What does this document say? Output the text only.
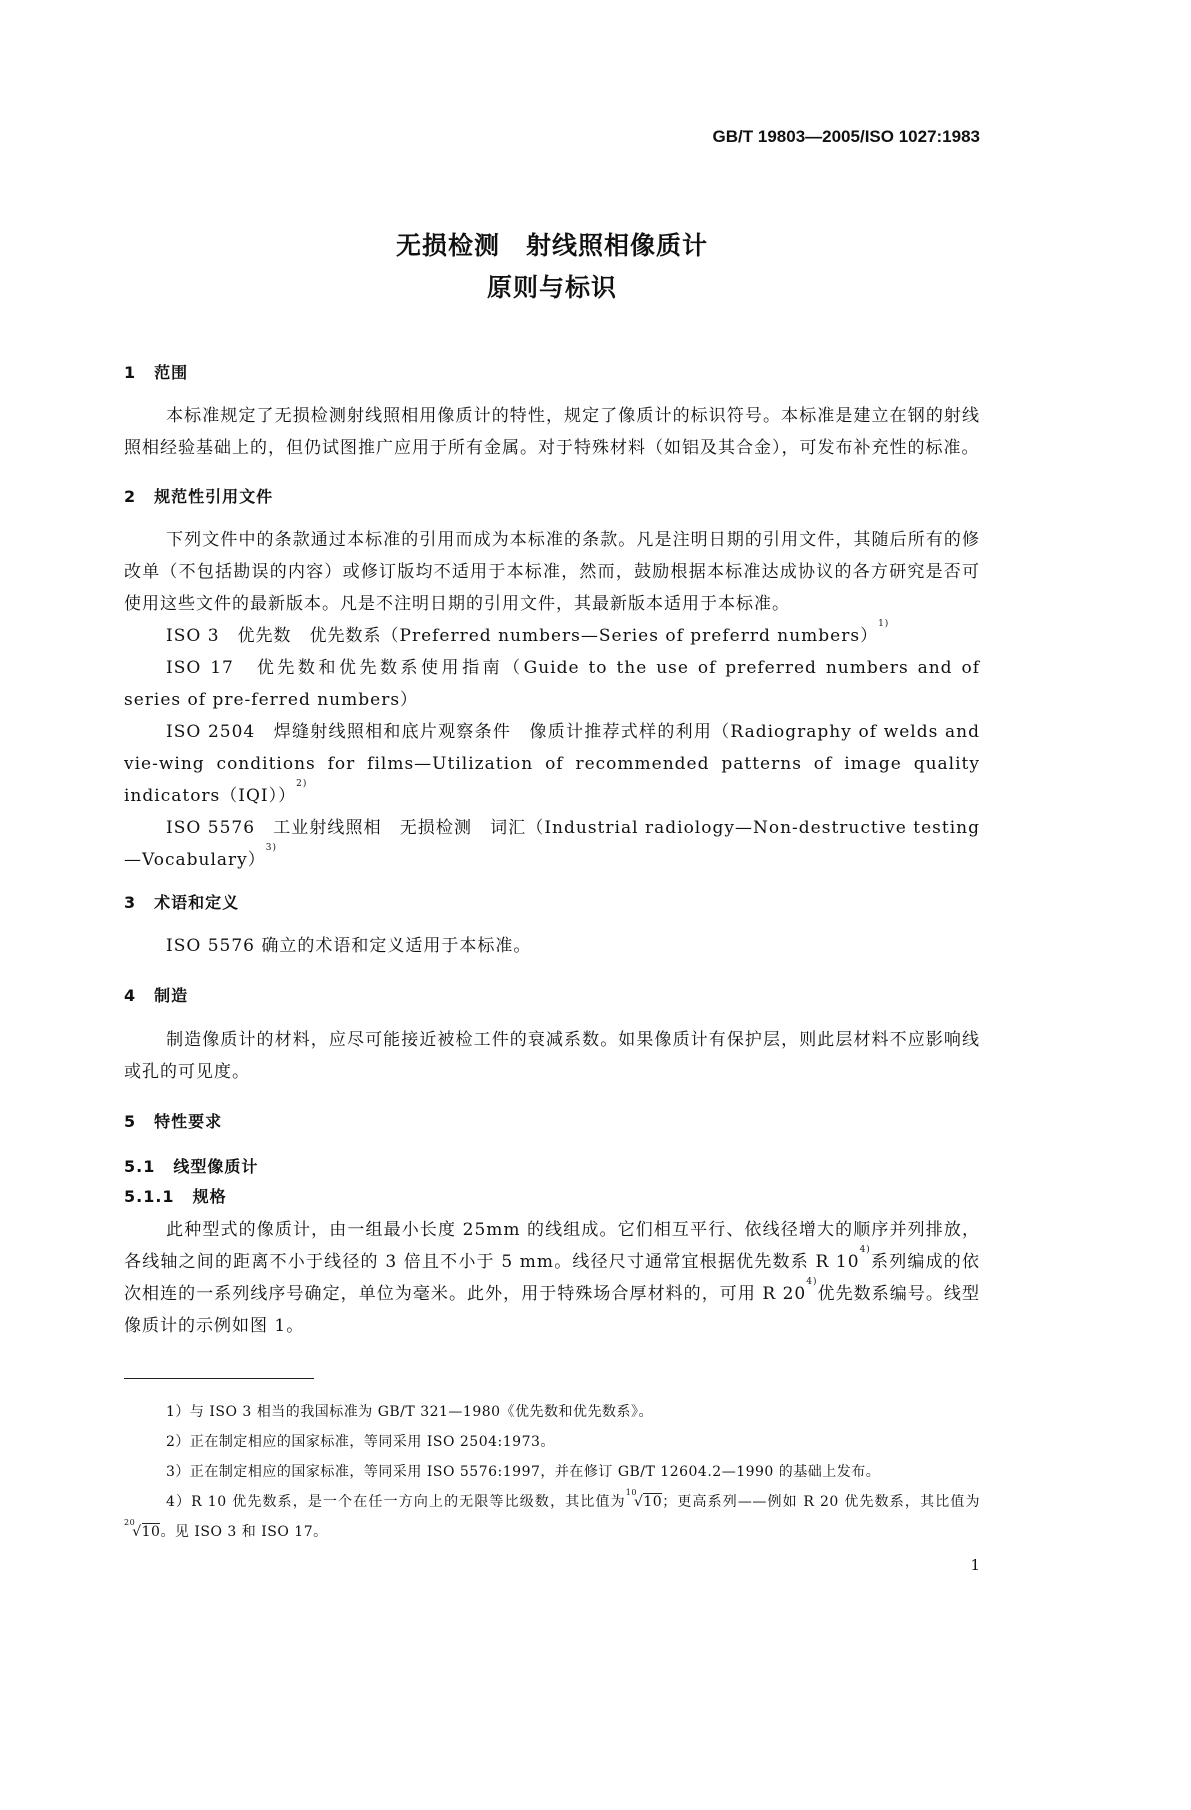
GB/T 19803—2005/ISO 1027:1983
无损检测　射线照相像质计
原则与标识
1 范围
本标准规定了无损检测射线照相用像质计的特性，规定了像质计的标识符号。本标准是建立在钢的射线照相经验基础上的，但仍试图推广应用于所有金属。对于特殊材料（如铝及其合金），可发布补充性的标准。
2 规范性引用文件
下列文件中的条款通过本标准的引用而成为本标准的条款。凡是注明日期的引用文件，其随后所有的修改单（不包括勘误的内容）或修订版均不适用于本标准，然而，鼓励根据本标准达成协议的各方研究是否可使用这些文件的最新版本。凡是不注明日期的引用文件，其最新版本适用于本标准。
ISO 3　优先数　优先数系（Preferred numbers—Series of preferrd numbers）$^{1)}$
ISO 17　优先数和优先数系使用指南（Guide to the use of preferred numbers and of series of pre-ferred numbers）
ISO 2504　焊缝射线照相和底片观察条件　像质计推荐式样的利用（Radiography of welds and vie-wing conditions for films—Utilization of recommended patterns of image quality indicators（IQI））$^{2)}$
ISO 5576　工业射线照相　无损检测　词汇（Industrial radiology—Non-destructive testing—Vocabulary）$^{3)}$
3 术语和定义
ISO 5576 确立的术语和定义适用于本标准。
4 制造
制造像质计的材料，应尽可能接近被检工件的衰减系数。如果像质计有保护层，则此层材料不应影响线或孔的可见度。
5 特性要求
5.1 线型像质计
5.1.1 规格
此种型式的像质计，由一组最小长度 25mm 的线组成。它们相互平行、依线径增大的顺序并列排放，各线轴之间的距离不小于线径的 3 倍且不小于 5 mm。线径尺寸通常宜根据优先数系 R 10$^{4)}$系列编成的依次相连的一系列线序号确定，单位为毫米。此外，用于特殊场合厚材料的，可用 R 20$^{4)}$优先数系编号。线型像质计的示例如图 1。
1）与 ISO 3 相当的我国标准为 GB/T 321—1980《优先数和优先数系》。
2）正在制定相应的国家标准，等同采用 ISO 2504:1973。
3）正在制定相应的国家标准，等同采用 ISO 5576:1997，并在修订 GB/T 12604.2—1990 的基础上发布。
4）R 10 优先数系，是一个在任一方向上的无限等比级数，其比值为$^{10}$√10；更高系列——例如 R 20 优先数系，其比值为$^{20}$√10。见 ISO 3 和 ISO 17。
1
